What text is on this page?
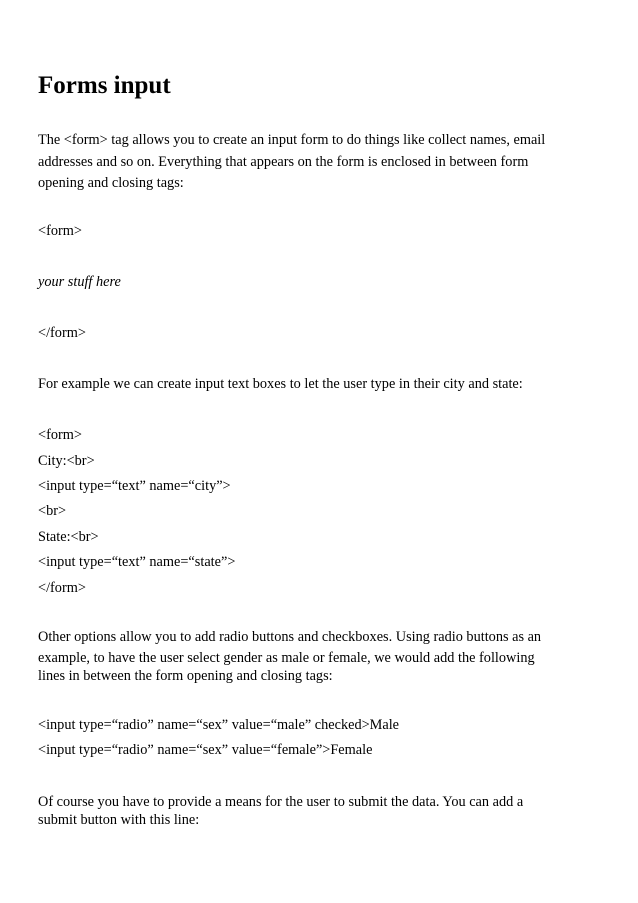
Forms input
The <form> tag allows you to create an input form to do things like collect names, email
addresses and so on. Everything that appears on the form is enclosed in between form
opening and closing tags:
<form>
your stuff here
</form>
For example we can create input text boxes to let the user type in their city and state:
<form>
City:<br>
<input type=“text” name=“city”>
<br>
State:<br>
<input type=“text” name=“state”>
</form>
Other options allow you to add radio buttons and checkboxes. Using radio buttons as an
example, to have the user select gender as male or female, we would add the following
lines in between the form opening and closing tags:
<input type=“radio” name=“sex” value=“male” checked>Male
<input type=“radio” name=“sex” value=“female”>Female
Of course you have to provide a means for the user to submit the data. You can add a
submit button with this line:
